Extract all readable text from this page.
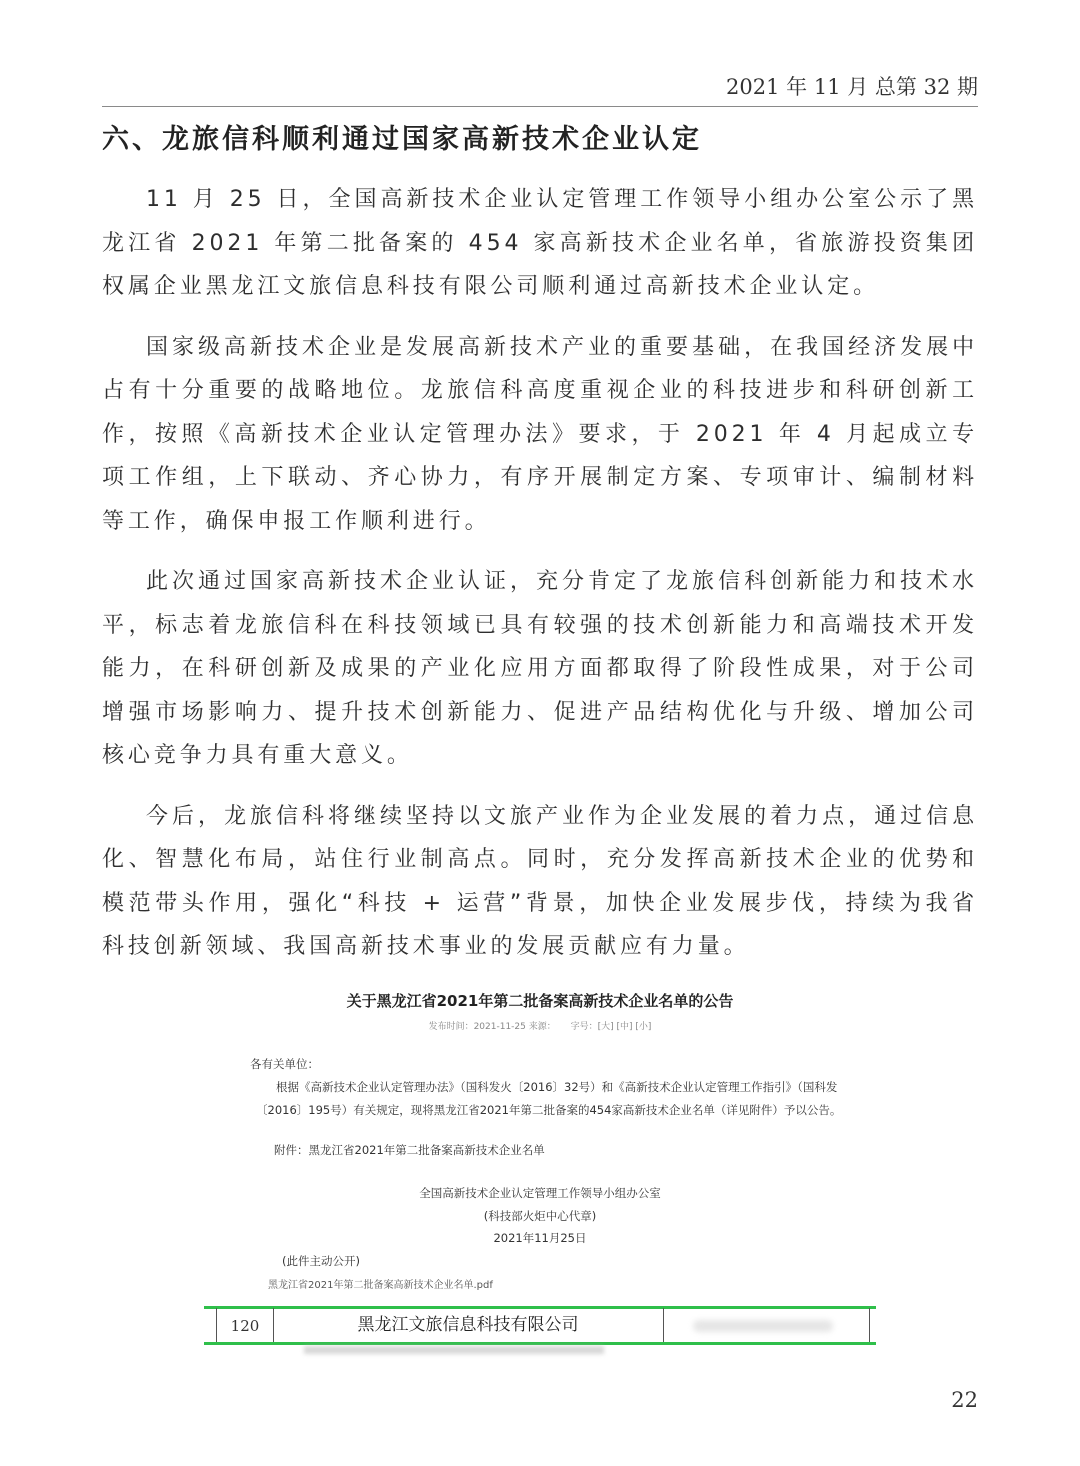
2021 年 11 月 总第 32 期
六、龙旅信科顺利通过国家高新技术企业认定

11 月 25 日，全国高新技术企业认定管理工作领导小组办公室公示了黑龙江省 2021 年第二批备案的 454 家高新技术企业名单，省旅游投资集团权属企业黑龙江文旅信息科技有限公司顺利通过高新技术企业认定。

国家级高新技术企业是发展高新技术产业的重要基础，在我国经济发展中占有十分重要的战略地位。龙旅信科高度重视企业的科技进步和科研创新工作，按照《高新技术企业认定管理办法》要求，于 2021 年 4 月起成立专项工作组，上下联动、齐心协力，有序开展制定方案、专项审计、编制材料等工作，确保申报工作顺利进行。

此次通过国家高新技术企业认证，充分肯定了龙旅信科创新能力和技术水平，标志着龙旅信科在科技领域已具有较强的技术创新能力和高端技术开发能力，在科研创新及成果的产业化应用方面都取得了阶段性成果，对于公司增强市场影响力、提升技术创新能力、促进产品结构优化与升级、增加公司核心竞争力具有重大意义。

今后，龙旅信科将继续坚持以文旅产业作为企业发展的着力点，通过信息化、智慧化布局，站住行业制高点。同时，充分发挥高新技术企业的优势和模范带头作用，强化“科技 + 运营”背景，加快企业发展步伐，持续为我省科技创新领域、我国高新技术事业的发展贡献应有力量。

关于黑龙江省2021年第二批备案高新技术企业名单的公告
发布时间：2021-11-25 来源： 字号：[大] [中] [小]
各有关单位：
根据《高新技术企业认定管理办法》（国科发火〔2016〕32号）和《高新技术企业认定管理工作指引》（国科发
〔2016〕195号）有关规定，现将黑龙江省2021年第二批备案的454家高新技术企业名单（详见附件）予以公告。
附件：黑龙江省2021年第二批备案高新技术企业名单
全国高新技术企业认定管理工作领导小组办公室
(科技部火炬中心代章)
2021年11月25日
(此件主动公开)
黑龙江省2021年第二批备案高新技术企业名单.pdf
120	黑龙江文旅信息科技有限公司
22
